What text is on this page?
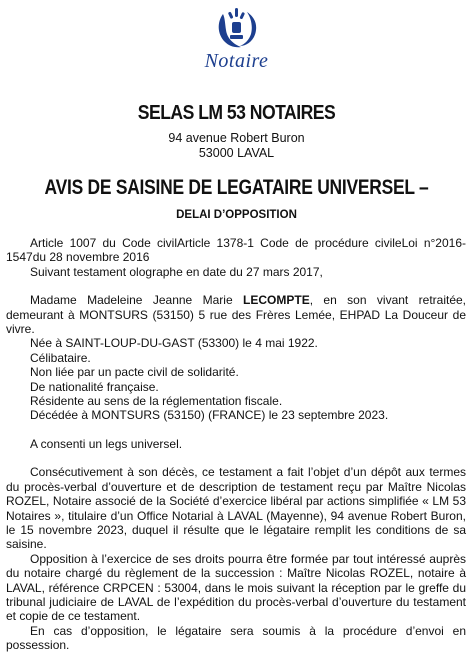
Notaire
SELAS LM 53 NOTAIRES
94 avenue Robert Buron
53000 LAVAL
AVIS DE SAISINE DE LEGATAIRE UNIVERSEL –
DELAI D’OPPOSITION

Article 1007 du Code civilArticle 1378-1 Code de procédure civileLoi n°2016-1547du 28 novembre 2016

Suivant testament olographe en date du 27 mars 2017,

Madame Madeleine Jeanne Marie LECOMPTE, en son vivant retraitée, demeurant à MONTSURS (53150) 5 rue des Frères Lemée, EHPAD La Douceur de vivre.

Née à SAINT-LOUP-DU-GAST (53300) le 4 mai 1922.

Célibataire.

Non liée par un pacte civil de solidarité.

De nationalité française.

Résidente au sens de la réglementation fiscale.

Décédée à MONTSURS (53150) (FRANCE) le 23 septembre 2023.

A consenti un legs universel.

Consécutivement à son décès, ce testament a fait l’objet d’un dépôt aux termes du procès-verbal d’ouverture et de description de testament reçu par Maître Nicolas ROZEL, Notaire associé de la Société d’exercice libéral par actions simplifiée « LM 53 Notaires », titulaire d’un Office Notarial à LAVAL (Mayenne), 94 avenue Robert Buron, le 15 novembre 2023, duquel il résulte que le légataire remplit les conditions de sa saisine.

Opposition à l’exercice de ses droits pourra être formée par tout intéressé auprès du notaire chargé du règlement de la succession : Maître Nicolas ROZEL, notaire à LAVAL, référence CRPCEN : 53004, dans le mois suivant la réception par le greffe du tribunal judiciaire de LAVAL de l’expédition du procès-verbal d’ouverture du testament et copie de ce testament.

En cas d’opposition, le légataire sera soumis à la procédure d’envoi en possession.
